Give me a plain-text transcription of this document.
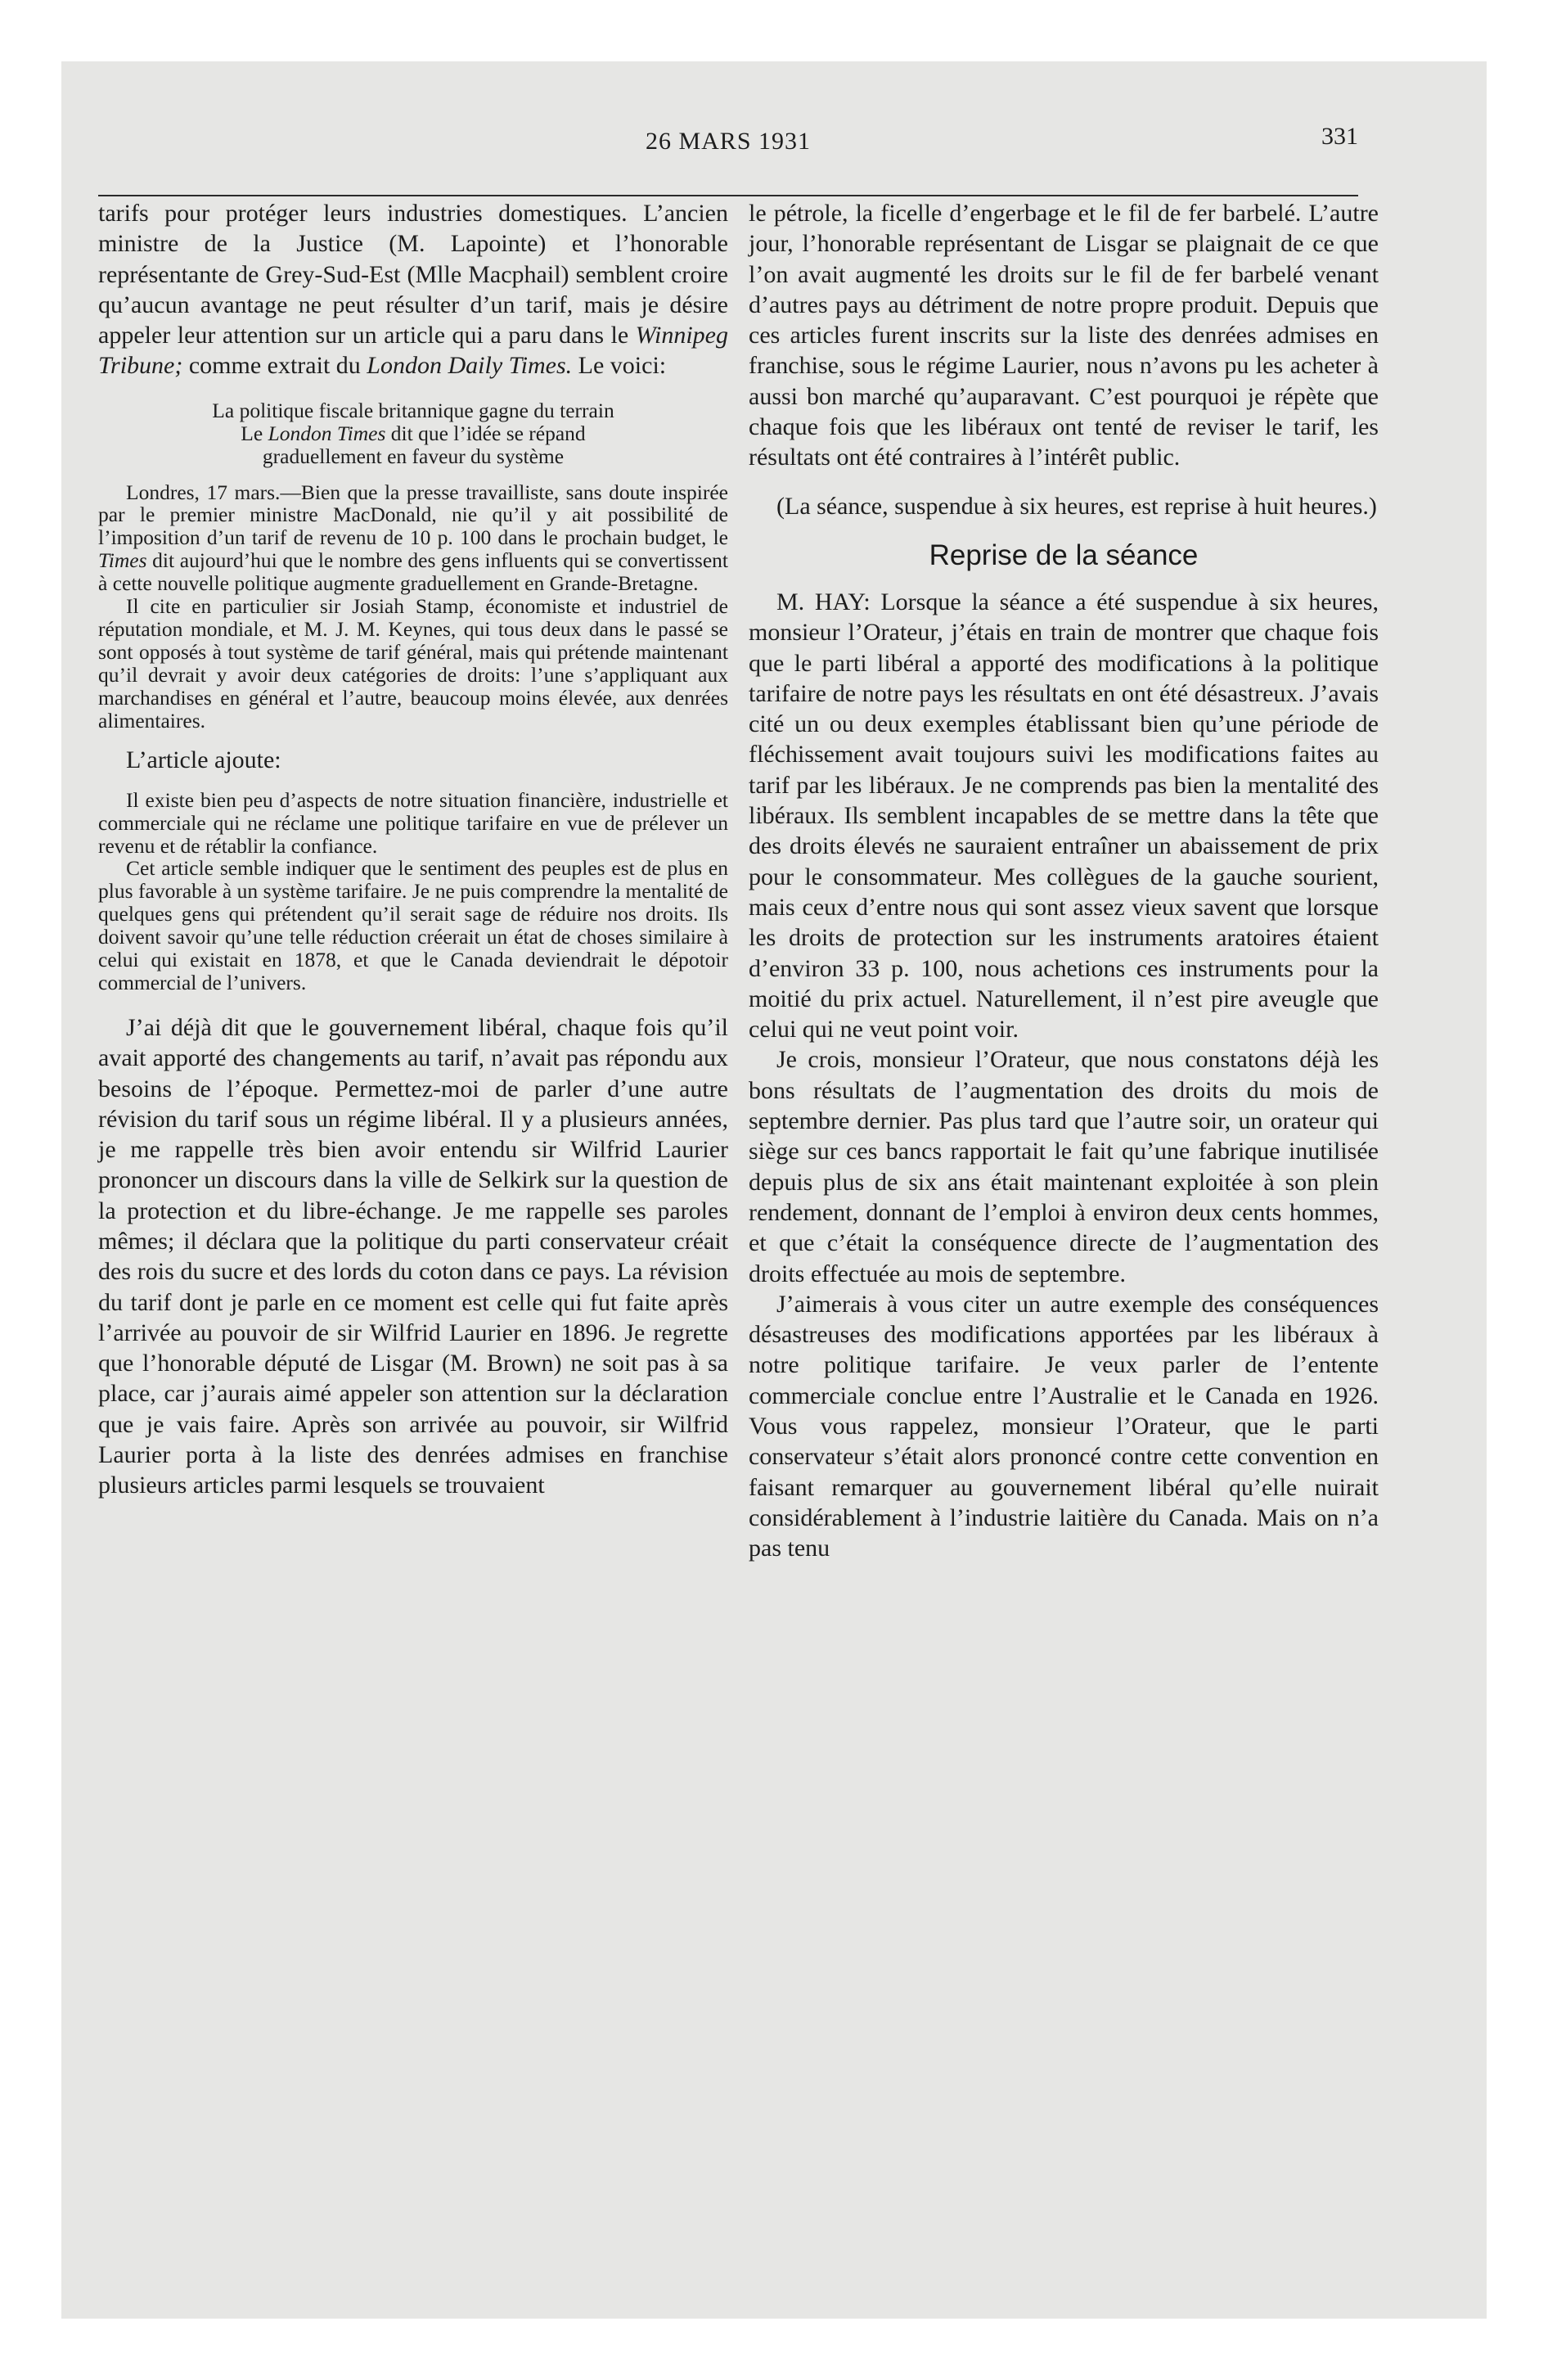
26 MARS 1931	331

tarifs pour protéger leurs industries domestiques. L’ancien ministre de la Justice (M. Lapointe) et l’honorable représentante de Grey-Sud-Est (Mlle Macphail) semblent croire qu’aucun avantage ne peut résulter d’un tarif, mais je désire appeler leur attention sur un article qui a paru dans le Winnipeg Tribune; comme extrait du London Daily Times. Le voici:

La politique fiscale britannique gagne du terrain

Le London Times dit que l’idée se répand

graduellement en faveur du système

Londres, 17 mars.—Bien que la presse travailliste, sans doute inspirée par le premier ministre MacDonald, nie qu’il y ait possibilité de l’imposition d’un tarif de revenu de 10 p. 100 dans le prochain budget, le Times dit aujourd’hui que le nombre des gens influents qui se convertissent à cette nouvelle politique augmente graduellement en Grande-Bretagne.

Il cite en particulier sir Josiah Stamp, économiste et industriel de réputation mondiale, et M. J. M. Keynes, qui tous deux dans le passé se sont opposés à tout système de tarif général, mais qui prétende maintenant qu’il devrait y avoir deux catégories de droits: l’une s’appliquant aux marchandises en général et l’autre, beaucoup moins élevée, aux denrées alimentaires.

L’article ajoute:

Il existe bien peu d’aspects de notre situation financière, industrielle et commerciale qui ne réclame une politique tarifaire en vue de prélever un revenu et de rétablir la confiance.

Cet article semble indiquer que le sentiment des peuples est de plus en plus favorable à un système tarifaire. Je ne puis comprendre la mentalité de quelques gens qui prétendent qu’il serait sage de réduire nos droits. Ils doivent savoir qu’une telle réduction créerait un état de choses similaire à celui qui existait en 1878, et que le Canada deviendrait le dépotoir commercial de l’univers.

J’ai déjà dit que le gouvernement libéral, chaque fois qu’il avait apporté des changements au tarif, n’avait pas répondu aux besoins de l’époque. Permettez-moi de parler d’une autre révision du tarif sous un régime libéral. Il y a plusieurs années, je me rappelle très bien avoir entendu sir Wilfrid Laurier prononcer un discours dans la ville de Selkirk sur la question de la protection et du libre-échange. Je me rappelle ses paroles mêmes; il déclara que la politique du parti conservateur créait des rois du sucre et des lords du coton dans ce pays. La révision du tarif dont je parle en ce moment est celle qui fut faite après l’arrivée au pouvoir de sir Wilfrid Laurier en 1896. Je regrette que l’honorable député de Lisgar (M. Brown) ne soit pas à sa place, car j’aurais aimé appeler son attention sur la déclaration que je vais faire. Après son arrivée au pouvoir, sir Wilfrid Laurier porta à la liste des denrées admises en franchise plusieurs articles parmi lesquels se trouvaient

le pétrole, la ficelle d’engerbage et le fil de fer barbelé. L’autre jour, l’honorable représentant de Lisgar se plaignait de ce que l’on avait augmenté les droits sur le fil de fer barbelé venant d’autres pays au détriment de notre propre produit. Depuis que ces articles furent inscrits sur la liste des denrées admises en franchise, sous le régime Laurier, nous n’avons pu les acheter à aussi bon marché qu’auparavant. C’est pourquoi je répète que chaque fois que les libéraux ont tenté de reviser le tarif, les résultats ont été contraires à l’intérêt public.

(La séance, suspendue à six heures, est reprise à huit heures.)

Reprise de la séance

M. HAY: Lorsque la séance a été suspendue à six heures, monsieur l’Orateur, j’étais en train de montrer que chaque fois que le parti libéral a apporté des modifications à la politique tarifaire de notre pays les résultats en ont été désastreux. J’avais cité un ou deux exemples établissant bien qu’une période de fléchissement avait toujours suivi les modifications faites au tarif par les libéraux. Je ne comprends pas bien la mentalité des libéraux. Ils semblent incapables de se mettre dans la tête que des droits élevés ne sauraient entraîner un abaissement de prix pour le consommateur. Mes collègues de la gauche sourient, mais ceux d’entre nous qui sont assez vieux savent que lorsque les droits de protection sur les instruments aratoires étaient d’environ 33 p. 100, nous achetions ces instruments pour la moitié du prix actuel. Naturellement, il n’est pire aveugle que celui qui ne veut point voir.

Je crois, monsieur l’Orateur, que nous constatons déjà les bons résultats de l’augmentation des droits du mois de septembre dernier. Pas plus tard que l’autre soir, un orateur qui siège sur ces bancs rapportait le fait qu’une fabrique inutilisée depuis plus de six ans était maintenant exploitée à son plein rendement, donnant de l’emploi à environ deux cents hommes, et que c’était la conséquence directe de l’augmentation des droits effectuée au mois de septembre.

J’aimerais à vous citer un autre exemple des conséquences désastreuses des modifications apportées par les libéraux à notre politique tarifaire. Je veux parler de l’entente commerciale conclue entre l’Australie et le Canada en 1926. Vous vous rappelez, monsieur l’Orateur, que le parti conservateur s’était alors prononcé contre cette convention en faisant remarquer au gouvernement libéral qu’elle nuirait considérablement à l’industrie laitière du Canada. Mais on n’a pas tenu
